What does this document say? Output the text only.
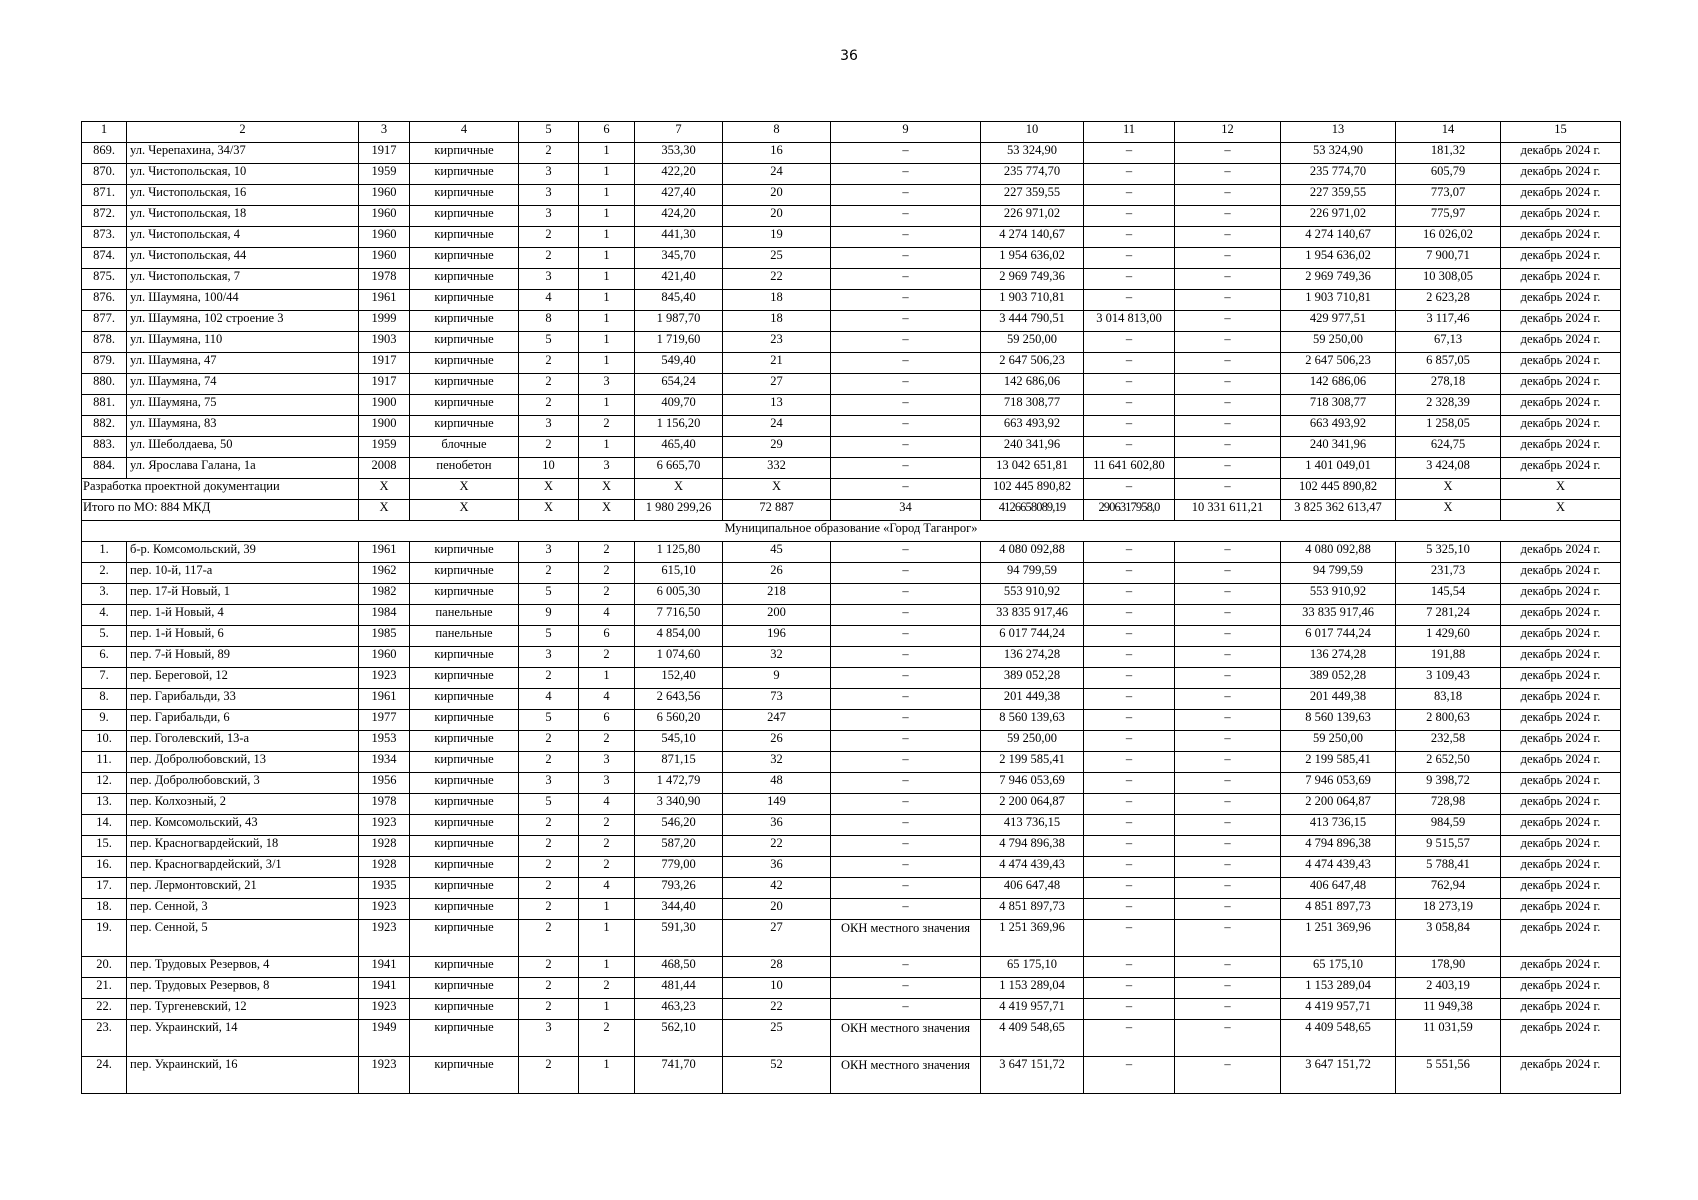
36
1	2	3	4	5	6	7	8	9	10	11	12	13	14	15
869.	ул. Черепахина, 34/37	1917	кирпичные	2	1	353,30	16	–	53 324,90	–	–	53 324,90	181,32	декабрь 2024 г.
870.	ул. Чистопольская, 10	1959	кирпичные	3	1	422,20	24	–	235 774,70	–	–	235 774,70	605,79	декабрь 2024 г.
871.	ул. Чистопольская, 16	1960	кирпичные	3	1	427,40	20	–	227 359,55	–	–	227 359,55	773,07	декабрь 2024 г.
872.	ул. Чистопольская, 18	1960	кирпичные	3	1	424,20	20	–	226 971,02	–	–	226 971,02	775,97	декабрь 2024 г.
873.	ул. Чистопольская, 4	1960	кирпичные	2	1	441,30	19	–	4 274 140,67	–	–	4 274 140,67	16 026,02	декабрь 2024 г.
874.	ул. Чистопольская, 44	1960	кирпичные	2	1	345,70	25	–	1 954 636,02	–	–	1 954 636,02	7 900,71	декабрь 2024 г.
875.	ул. Чистопольская, 7	1978	кирпичные	3	1	421,40	22	–	2 969 749,36	–	–	2 969 749,36	10 308,05	декабрь 2024 г.
876.	ул. Шаумяна, 100/44	1961	кирпичные	4	1	845,40	18	–	1 903 710,81	–	–	1 903 710,81	2 623,28	декабрь 2024 г.
877.	ул. Шаумяна, 102 строение 3	1999	кирпичные	8	1	1 987,70	18	–	3 444 790,51	3 014 813,00	–	429 977,51	3 117,46	декабрь 2024 г.
878.	ул. Шаумяна, 110	1903	кирпичные	5	1	1 719,60	23	–	59 250,00	–	–	59 250,00	67,13	декабрь 2024 г.
879.	ул. Шаумяна, 47	1917	кирпичные	2	1	549,40	21	–	2 647 506,23	–	–	2 647 506,23	6 857,05	декабрь 2024 г.
880.	ул. Шаумяна, 74	1917	кирпичные	2	3	654,24	27	–	142 686,06	–	–	142 686,06	278,18	декабрь 2024 г.
881.	ул. Шаумяна, 75	1900	кирпичные	2	1	409,70	13	–	718 308,77	–	–	718 308,77	2 328,39	декабрь 2024 г.
882.	ул. Шаумяна, 83	1900	кирпичные	3	2	1 156,20	24	–	663 493,92	–	–	663 493,92	1 258,05	декабрь 2024 г.
883.	ул. Шеболдаева, 50	1959	блочные	2	1	465,40	29	–	240 341,96	–	–	240 341,96	624,75	декабрь 2024 г.
884.	ул. Ярослава Галана, 1а	2008	пенобетон	10	3	6 665,70	332	–	13 042 651,81	11 641 602,80	–	1 401 049,01	3 424,08	декабрь 2024 г.
Разработка проектной документации		X	X	X	X	X	X	–	102 445 890,82	–	–	102 445 890,82	X	X
Итого по МО: 884 МКД		X	X	X	X	1 980 299,26	72 887	34	4126658089,19	2906317958,0	10 331 611,21	3 825 362 613,47	X	X
Муниципальное образование «Город Таганрог»														
1.	б-р. Комсомольский, 39	1961	кирпичные	3	2	1 125,80	45	–	4 080 092,88	–	–	4 080 092,88	5 325,10	декабрь 2024 г.
2.	пер. 10-й, 117-а	1962	кирпичные	2	2	615,10	26	–	94 799,59	–	–	94 799,59	231,73	декабрь 2024 г.
3.	пер. 17-й Новый, 1	1982	кирпичные	5	2	6 005,30	218	–	553 910,92	–	–	553 910,92	145,54	декабрь 2024 г.
4.	пер. 1-й Новый, 4	1984	панельные	9	4	7 716,50	200	–	33 835 917,46	–	–	33 835 917,46	7 281,24	декабрь 2024 г.
5.	пер. 1-й Новый, 6	1985	панельные	5	6	4 854,00	196	–	6 017 744,24	–	–	6 017 744,24	1 429,60	декабрь 2024 г.
6.	пер. 7-й Новый, 89	1960	кирпичные	3	2	1 074,60	32	–	136 274,28	–	–	136 274,28	191,88	декабрь 2024 г.
7.	пер. Береговой, 12	1923	кирпичные	2	1	152,40	9	–	389 052,28	–	–	389 052,28	3 109,43	декабрь 2024 г.
8.	пер. Гарибальди, 33	1961	кирпичные	4	4	2 643,56	73	–	201 449,38	–	–	201 449,38	83,18	декабрь 2024 г.
9.	пер. Гарибальди, 6	1977	кирпичные	5	6	6 560,20	247	–	8 560 139,63	–	–	8 560 139,63	2 800,63	декабрь 2024 г.
10.	пер. Гоголевский, 13-а	1953	кирпичные	2	2	545,10	26	–	59 250,00	–	–	59 250,00	232,58	декабрь 2024 г.
11.	пер. Добролюбовский, 13	1934	кирпичные	2	3	871,15	32	–	2 199 585,41	–	–	2 199 585,41	2 652,50	декабрь 2024 г.
12.	пер. Добролюбовский, 3	1956	кирпичные	3	3	1 472,79	48	–	7 946 053,69	–	–	7 946 053,69	9 398,72	декабрь 2024 г.
13.	пер. Колхозный, 2	1978	кирпичные	5	4	3 340,90	149	–	2 200 064,87	–	–	2 200 064,87	728,98	декабрь 2024 г.
14.	пер. Комсомольский, 43	1923	кирпичные	2	2	546,20	36	–	413 736,15	–	–	413 736,15	984,59	декабрь 2024 г.
15.	пер. Красногвардейский, 18	1928	кирпичные	2	2	587,20	22	–	4 794 896,38	–	–	4 794 896,38	9 515,57	декабрь 2024 г.
16.	пер. Красногвардейский, 3/1	1928	кирпичные	2	2	779,00	36	–	4 474 439,43	–	–	4 474 439,43	5 788,41	декабрь 2024 г.
17.	пер. Лермонтовский, 21	1935	кирпичные	2	4	793,26	42	–	406 647,48	–	–	406 647,48	762,94	декабрь 2024 г.
18.	пер. Сенной, 3	1923	кирпичные	2	1	344,40	20	–	4 851 897,73	–	–	4 851 897,73	18 273,19	декабрь 2024 г.
19.	пер. Сенной, 5	1923	кирпичные	2	1	591,30	27	ОКН местного значения	1 251 369,96	–	–	1 251 369,96	3 058,84	декабрь 2024 г.
20.	пер. Трудовых Резервов, 4	1941	кирпичные	2	1	468,50	28	–	65 175,10	–	–	65 175,10	178,90	декабрь 2024 г.
21.	пер. Трудовых Резервов, 8	1941	кирпичные	2	2	481,44	10	–	1 153 289,04	–	–	1 153 289,04	2 403,19	декабрь 2024 г.
22.	пер. Тургеневский, 12	1923	кирпичные	2	1	463,23	22	–	4 419 957,71	–	–	4 419 957,71	11 949,38	декабрь 2024 г.
23.	пер. Украинский, 14	1949	кирпичные	3	2	562,10	25	ОКН местного значения	4 409 548,65	–	–	4 409 548,65	11 031,59	декабрь 2024 г.
24.	пер. Украинский, 16	1923	кирпичные	2	1	741,70	52	ОКН местного значения	3 647 151,72	–	–	3 647 151,72	5 551,56	декабрь 2024 г.
